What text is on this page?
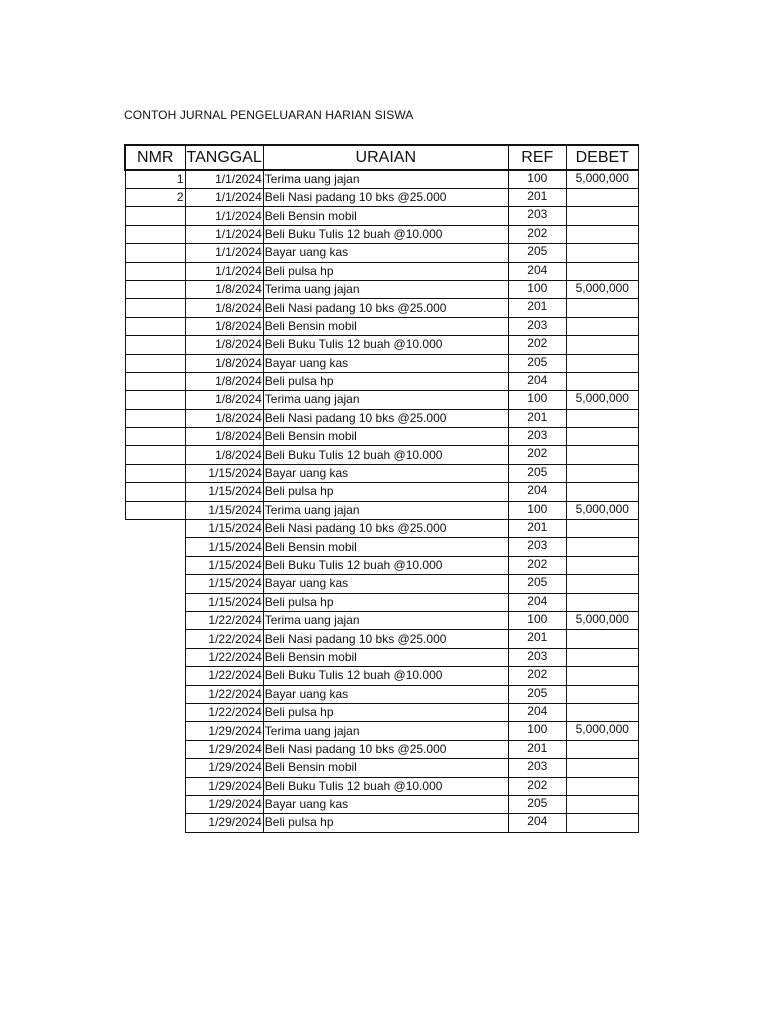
CONTOH JURNAL PENGELUARAN HARIAN SISWA
NMR	TANGGAL	URAIAN	REF	DEBET
1	1/1/2024	Terima uang jajan	100	5,000,000
2	1/1/2024	Beli Nasi padang 10 bks @25.000	201	
	1/1/2024	Beli Bensin mobil	203	
	1/1/2024	Beli Buku Tulis 12 buah @10.000	202	
	1/1/2024	Bayar uang kas	205	
	1/1/2024	Beli pulsa hp	204	
	1/8/2024	Terima uang jajan	100	5,000,000
	1/8/2024	Beli Nasi padang 10 bks @25.000	201	
	1/8/2024	Beli Bensin mobil	203	
	1/8/2024	Beli Buku Tulis 12 buah @10.000	202	
	1/8/2024	Bayar uang kas	205	
	1/8/2024	Beli pulsa hp	204	
	1/8/2024	Terima uang jajan	100	5,000,000
	1/8/2024	Beli Nasi padang 10 bks @25.000	201	
	1/8/2024	Beli Bensin mobil	203	
	1/8/2024	Beli Buku Tulis 12 buah @10.000	202	
	1/15/2024	Bayar uang kas	205	
	1/15/2024	Beli pulsa hp	204	
	1/15/2024	Terima uang jajan	100	5,000,000
	1/15/2024	Beli Nasi padang 10 bks @25.000	201	
	1/15/2024	Beli Bensin mobil	203	
	1/15/2024	Beli Buku Tulis 12 buah @10.000	202	
	1/15/2024	Bayar uang kas	205	
	1/15/2024	Beli pulsa hp	204	
	1/22/2024	Terima uang jajan	100	5,000,000
	1/22/2024	Beli Nasi padang 10 bks @25.000	201	
	1/22/2024	Beli Bensin mobil	203	
	1/22/2024	Beli Buku Tulis 12 buah @10.000	202	
	1/22/2024	Bayar uang kas	205	
	1/22/2024	Beli pulsa hp	204	
	1/29/2024	Terima uang jajan	100	5,000,000
	1/29/2024	Beli Nasi padang 10 bks @25.000	201	
	1/29/2024	Beli Bensin mobil	203	
	1/29/2024	Beli Buku Tulis 12 buah @10.000	202	
	1/29/2024	Bayar uang kas	205	
	1/29/2024	Beli pulsa hp	204	
